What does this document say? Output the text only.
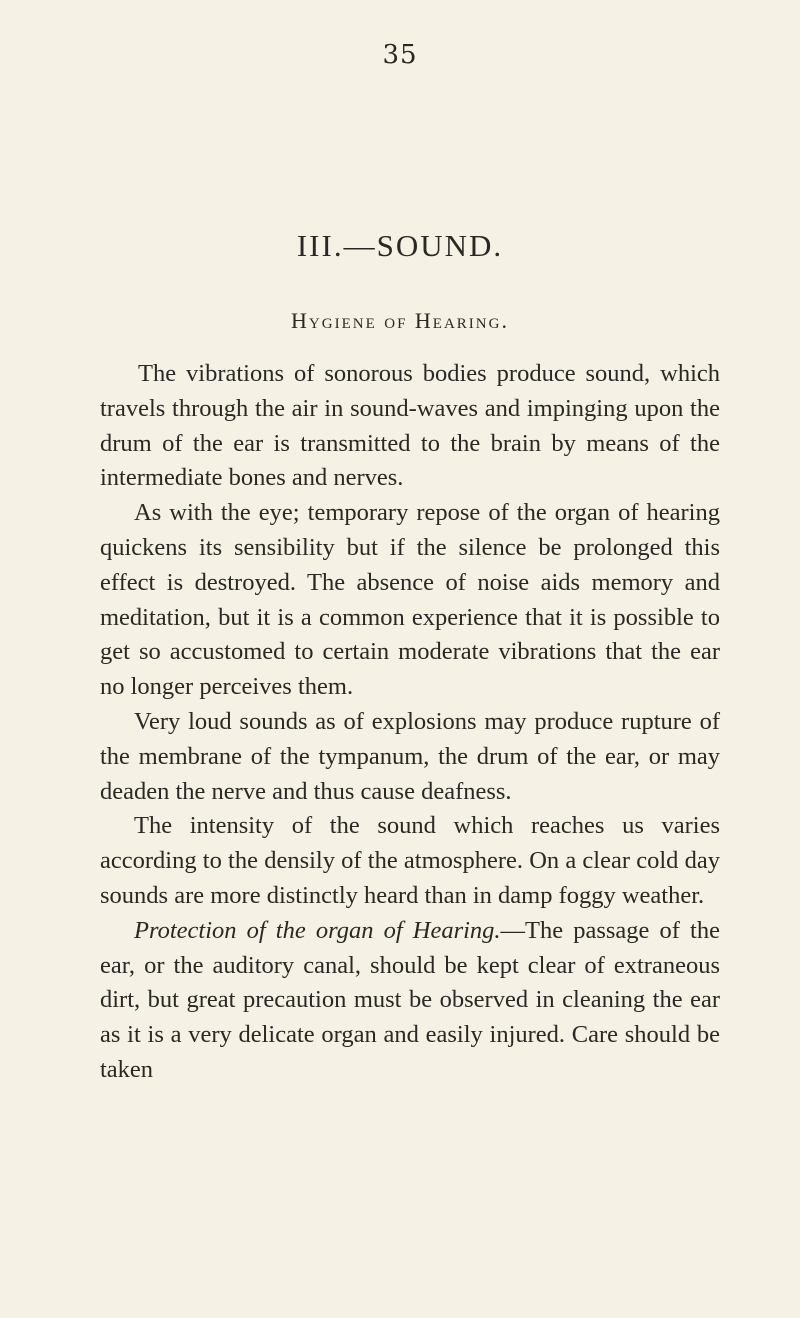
35
III.—SOUND.
Hygiene of Hearing.

The vibrations of sonorous bodies produce sound, which travels through the air in sound-waves and impinging upon the drum of the ear is transmitted to the brain by means of the intermediate bones and nerves.

As with the eye; temporary repose of the organ of hearing quickens its sensibility but if the silence be prolonged this effect is destroyed. The absence of noise aids memory and meditation, but it is a common experience that it is possible to get so accustomed to certain moderate vibrations that the ear no longer perceives them.

Very loud sounds as of explosions may produce rupture of the membrane of the tympanum, the drum of the ear, or may deaden the nerve and thus cause deafness.

The intensity of the sound which reaches us varies according to the densily of the atmosphere. On a clear cold day sounds are more distinctly heard than in damp foggy weather.

Protection of the organ of Hearing.—The passage of the ear, or the auditory canal, should be kept clear of extraneous dirt, but great precaution must be observed in cleaning the ear as it is a very delicate organ and easily injured. Care should be taken
